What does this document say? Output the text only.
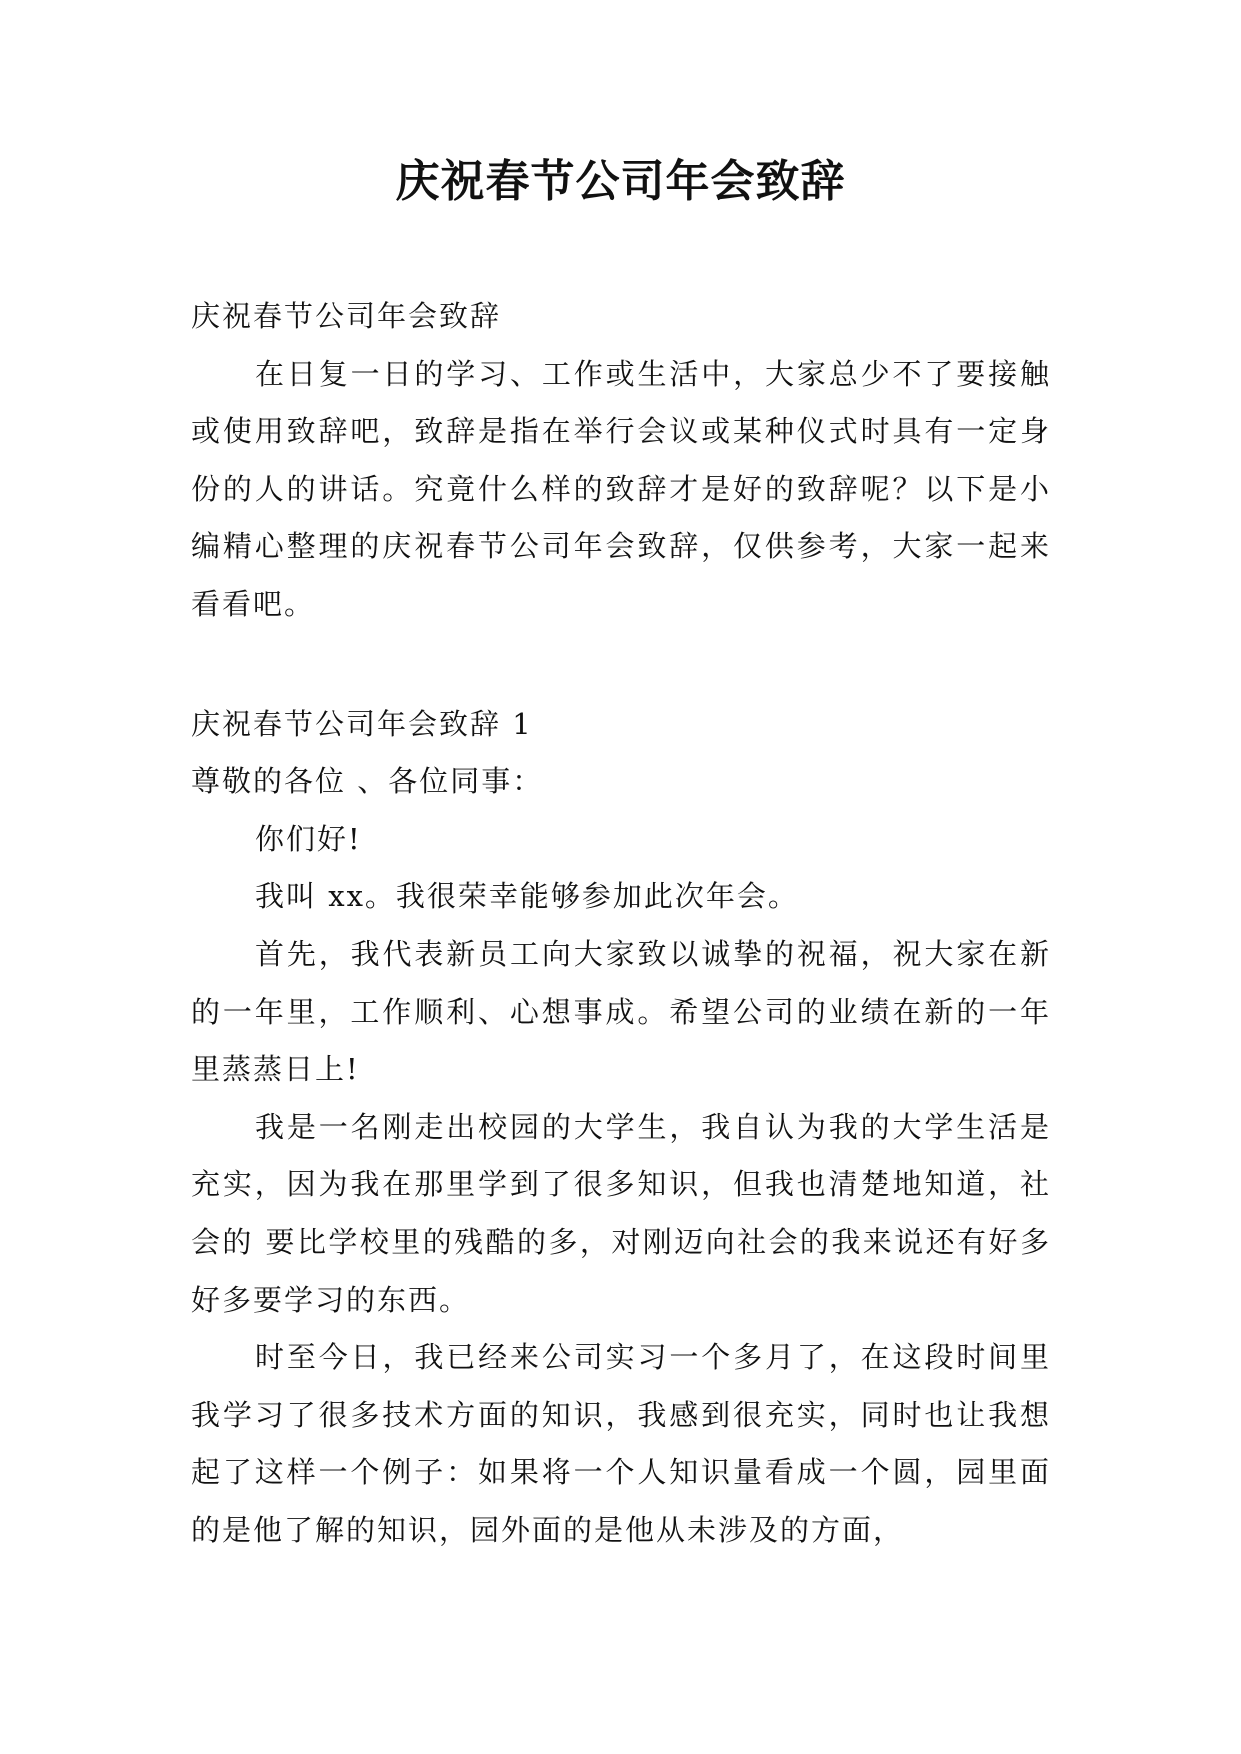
庆祝春节公司年会致辞

庆祝春节公司年会致辞

在日复一日的学习、工作或生活中，大家总少不了要接触或使用致辞吧，致辞是指在举行会议或某种仪式时具有一定身份的人的讲话。究竟什么样的致辞才是好的致辞呢？以下是小编精心整理的庆祝春节公司年会致辞，仅供参考，大家一起来看看吧。

庆祝春节公司年会致辞 1

尊敬的各位 、各位同事：

你们好!

我叫 xx。我很荣幸能够参加此次年会。

首先，我代表新员工向大家致以诚挚的祝福，祝大家在新的一年里，工作顺利、心想事成。希望公司的业绩在新的一年里蒸蒸日上!

我是一名刚走出校园的大学生，我自认为我的大学生活是充实，因为我在那里学到了很多知识，但我也清楚地知道，社会的 要比学校里的残酷的多，对刚迈向社会的我来说还有好多好多要学习的东西。

时至今日，我已经来公司实习一个多月了，在这段时间里我学习了很多技术方面的知识，我感到很充实，同时也让我想起了这样一个例子：如果将一个人知识量看成一个圆，园里面的是他了解的知识，园外面的是他从未涉及的方面，
